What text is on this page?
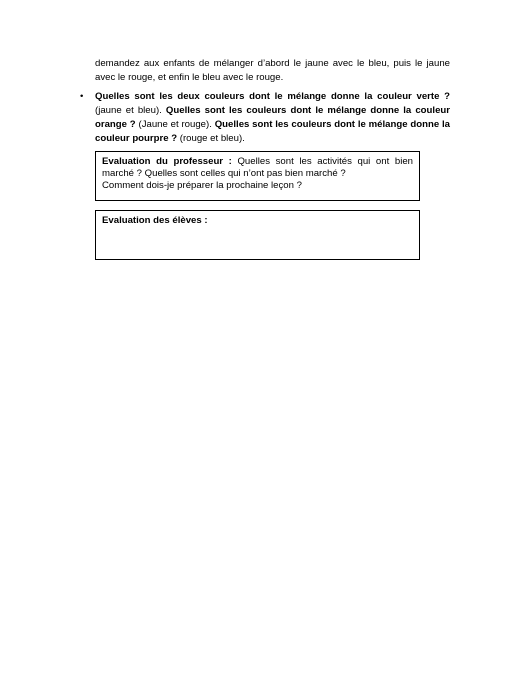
demandez aux enfants de mélanger d’abord le jaune avec le bleu, puis le jaune avec le rouge, et enfin le bleu avec le rouge.

• Quelles sont les deux couleurs dont le mélange donne la couleur verte ? (jaune et bleu). Quelles sont les couleurs dont le mélange donne la couleur orange ? (Jaune et rouge). Quelles sont les couleurs dont le mélange donne la couleur pourpre ? (rouge et bleu).

Evaluation du professeur : Quelles sont les activités qui ont bien

marché ? Quelles sont celles qui n’ont pas bien marché ?

Comment dois-je préparer la prochaine leçon ?

Evaluation des élèves :
